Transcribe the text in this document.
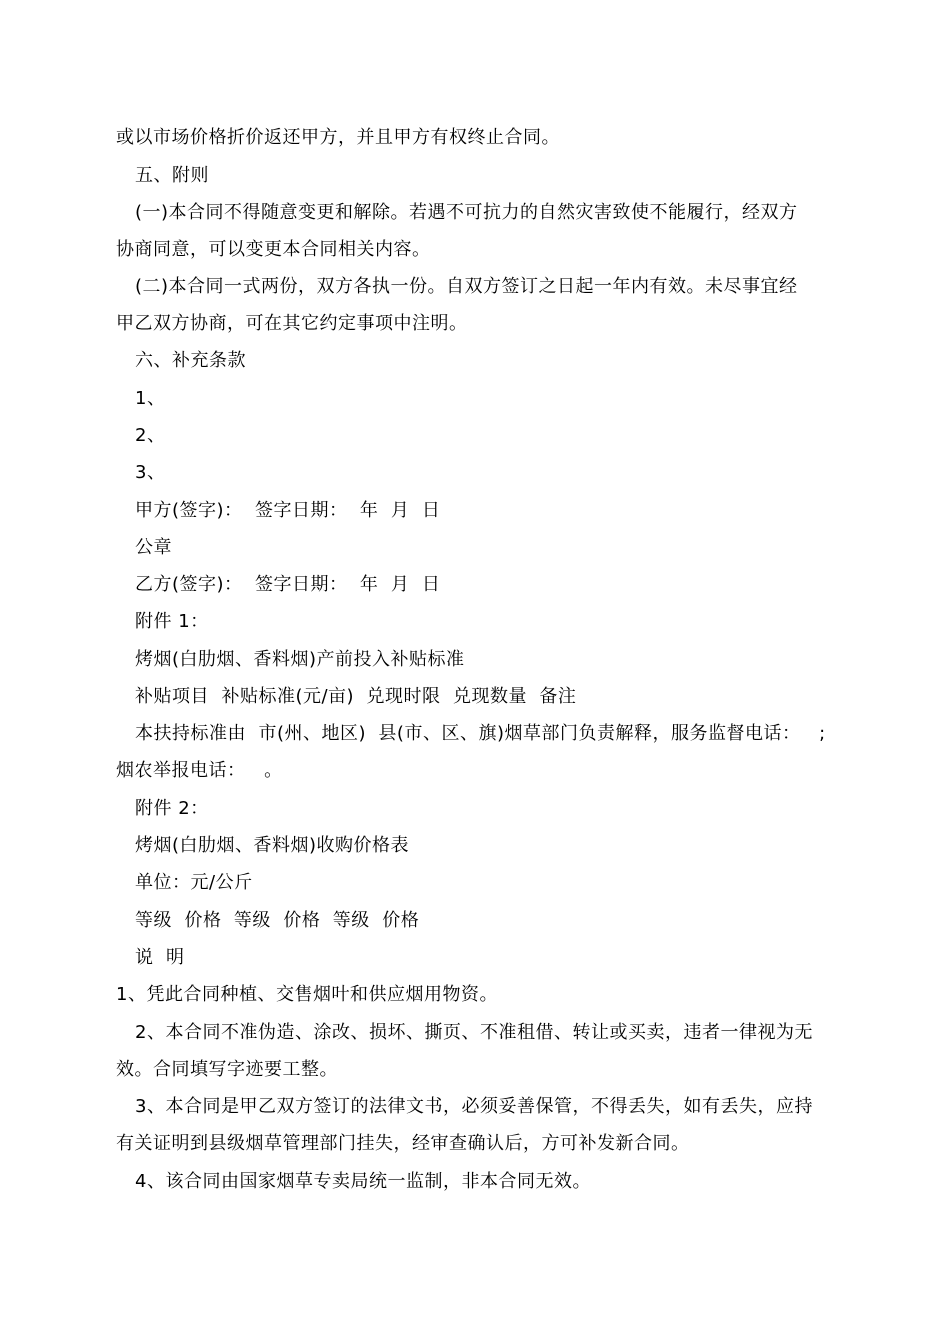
或以市场价格折价返还甲方，并且甲方有权终止合同。
五、附则
(一)本合同不得随意变更和解除。若遇不可抗力的自然灾害致使不能履行，经双方
协商同意，可以变更本合同相关内容。
(二)本合同一式两份，双方各执一份。自双方签订之日起一年内有效。未尽事宜经
甲乙双方协商，可在其它约定事项中注明。
六、补充条款
1、
2、
3、
甲方(签字)：  签字日期：  年  月  日
公章
乙方(签字)：  签字日期：  年  月  日
附件 1：
烤烟(白肋烟、香料烟)产前投入补贴标准
补贴项目  补贴标准(元/亩)  兑现时限  兑现数量  备注
本扶持标准由  市(州、地区)  县(市、区、旗)烟草部门负责解释，服务监督电话：   ;
烟农举报电话：   。
附件 2：
烤烟(白肋烟、香料烟)收购价格表
单位：元/公斤
等级  价格  等级  价格  等级  价格
说  明
1、凭此合同种植、交售烟叶和供应烟用物资。
2、本合同不准伪造、涂改、损坏、撕页、不准租借、转让或买卖，违者一律视为无
效。合同填写字迹要工整。
3、本合同是甲乙双方签订的法律文书，必须妥善保管，不得丢失，如有丢失，应持
有关证明到县级烟草管理部门挂失，经审查确认后，方可补发新合同。
4、该合同由国家烟草专卖局统一监制，非本合同无效。
